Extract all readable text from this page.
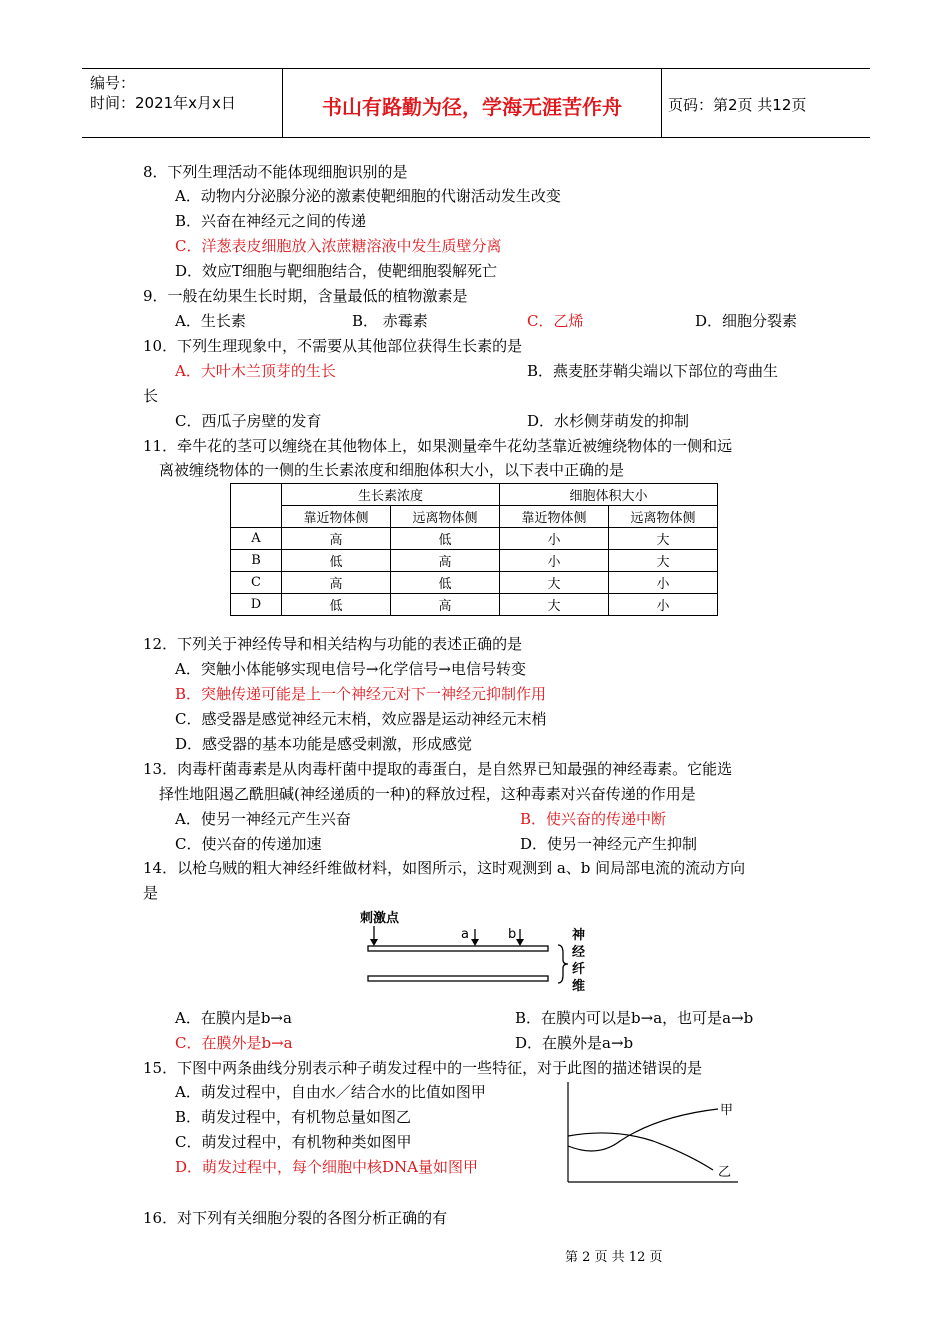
编号：
时间：2021年x月x日	书山有路勤为径，学海无涯苦作舟	页码：第2页 共12页
8．下列生理活动不能体现细胞识别的是
A．动物内分泌腺分泌的激素使靶细胞的代谢活动发生改变
B．兴奋在神经元之间的传递
C．洋葱表皮细胞放入浓蔗糖溶液中发生质壁分离
D．效应T细胞与靶细胞结合，使靶细胞裂解死亡
9．一般在幼果生长时期，含量最低的植物激素是
A．生长素	B． 赤霉素	C．乙烯	D．细胞分裂素
10．下列生理现象中，不需要从其他部位获得生长素的是
A．大叶木兰顶芽的生长	B．燕麦胚芽鞘尖端以下部位的弯曲生
长
C．西瓜子房壁的发育	D．水杉侧芽萌发的抑制
11．牵牛花的茎可以缠绕在其他物体上，如果测量牵牛花幼茎靠近被缠绕物体的一侧和远
离被缠绕物体的一侧的生长素浓度和细胞体积大小，以下表中正确的是
	生长素浓度		细胞体积大小	
	靠近物体侧	远离物体侧	靠近物体侧	远离物体侧
A	高	低	小	大
B	低	高	小	大
C	高	低	大	小
D	低	高	大	小
12．下列关于神经传导和相关结构与功能的表述正确的是
A．突触小体能够实现电信号→化学信号→电信号转变
B．突触传递可能是上一个神经元对下一神经元抑制作用
C．感受器是感觉神经元末梢，效应器是运动神经元末梢
D．感受器的基本功能是感受刺激，形成感觉
13．肉毒杆菌毒素是从肉毒杆菌中提取的毒蛋白，是自然界已知最强的神经毒素。它能选
择性地阻遏乙酰胆碱(神经递质的一种)的释放过程，这种毒素对兴奋传递的作用是
A．使另一神经元产生兴奋	B．使兴奋的传递中断
C．使兴奋的传递加速	D．使另一神经元产生抑制
14．以枪乌贼的粗大神经纤维做材料，如图所示，这时观测到 a、b 间局部电流的流动方向
是
刺激点
a	b	神
经
纤
维
A．在膜内是b→a	B．在膜内可以是b→a，也可是a→b
C．在膜外是b→a	D．在膜外是a→b
15．下图中两条曲线分别表示种子萌发过程中的一些特征，对于此图的描述错误的是
A．萌发过程中，自由水／结合水的比值如图甲
B．萌发过程中，有机物总量如图乙
C．萌发过程中，有机物种类如图甲
D．萌发过程中，每个细胞中核DNA量如图甲
甲
乙
16．对下列有关细胞分裂的各图分析正确的有
第 2 页 共 12 页
